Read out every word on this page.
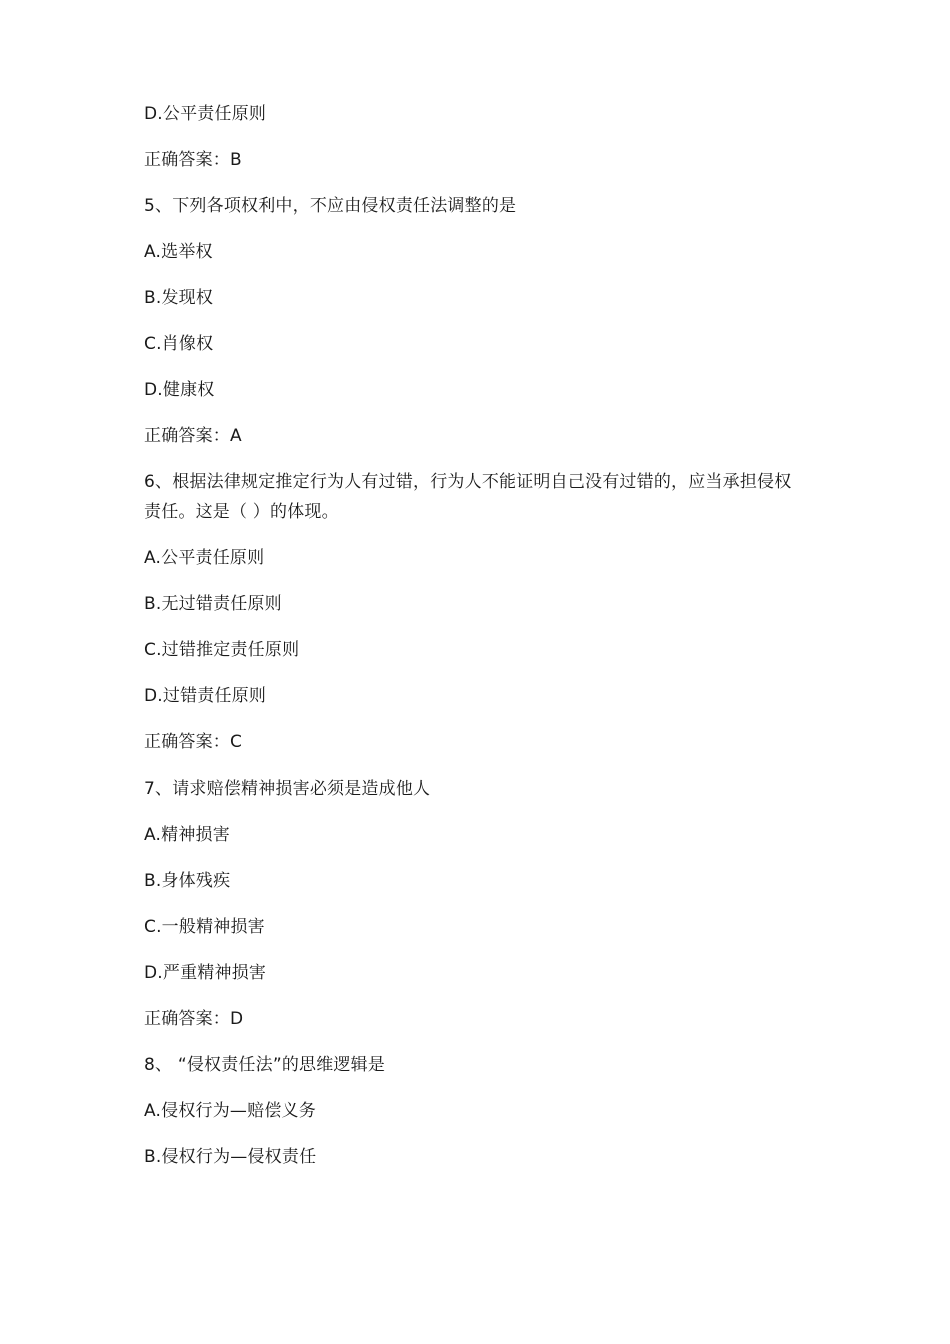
D.公平责任原则
正确答案：B
5、下列各项权利中，不应由侵权责任法调整的是
A.选举权
B.发现权
C.肖像权
D.健康权
正确答案：A
6、根据法律规定推定行为人有过错，行为人不能证明自己没有过错的，应当承担侵权
责任。这是（ ）的体现。
A.公平责任原则
B.无过错责任原则
C.过错推定责任原则
D.过错责任原则
正确答案：C
7、请求赔偿精神损害必须是造成他人
A.精神损害
B.身体残疾
C.一般精神损害
D.严重精神损害
正确答案：D
8、 “侵权责任法”的思维逻辑是
A.侵权行为—赔偿义务
B.侵权行为—侵权责任
